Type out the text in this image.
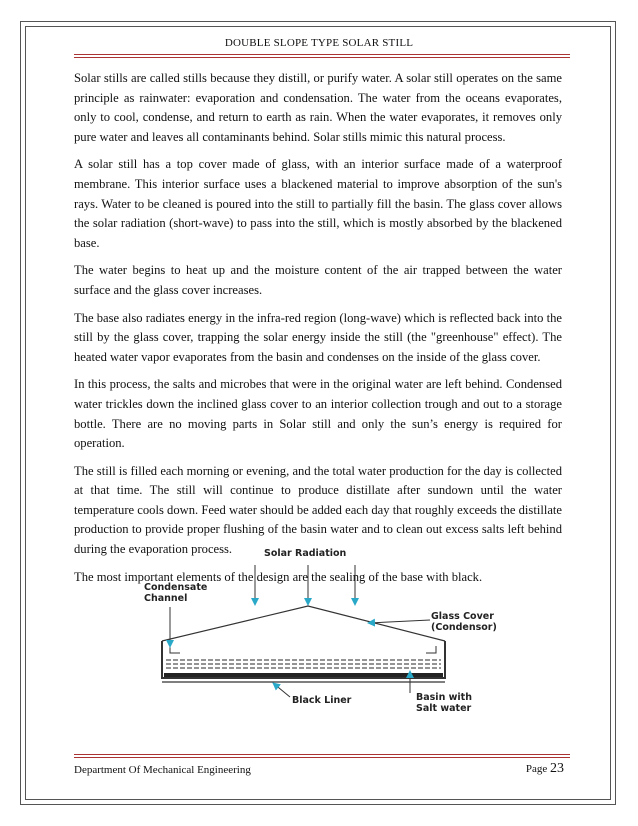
DOUBLE SLOPE TYPE SOLAR STILL

Solar stills are called stills because they distill, or purify water. A solar still operates on the same principle as rainwater: evaporation and condensation. The water from the oceans evaporates, only to cool, condense, and return to earth as rain. When the water evaporates, it removes only pure water and leaves all contaminants behind. Solar stills mimic this natural process.

A solar still has a top cover made of glass, with an interior surface made of a waterproof membrane. This interior surface uses a blackened material to improve absorption of the sun's rays. Water to be cleaned is poured into the still to partially fill the basin. The glass cover allows the solar radiation (short-wave) to pass into the still, which is mostly absorbed by the blackened base.

The water begins to heat up and the moisture content of the air trapped between the water surface and the glass cover increases.

The base also radiates energy in the infra-red region (long-wave) which is reflected back into the still by the glass cover, trapping the solar energy inside the still (the "greenhouse" effect). The heated water vapor evaporates from the basin and condenses on the inside of the glass cover.

In this process, the salts and microbes that were in the original water are left behind. Condensed water trickles down the inclined glass cover to an interior collection trough and out to a storage bottle. There are no moving parts in Solar still and only the sun’s energy is required for operation.

The still is filled each morning or evening, and the total water production for the day is collected at that time. The still will continue to produce distillate after sundown until the water temperature cools down. Feed water should be added each day that roughly exceeds the distillate production to provide proper flushing of the basin water and to clean out excess salts left behind during the evaporation process.

The most important elements of the design are the sealing of the base with black.

Solar Radiation
Condensate
Channel
Glass Cover
(Condensor)
Black Liner	Basin with
Salt water
Department Of Mechanical Engineering	Page 23
